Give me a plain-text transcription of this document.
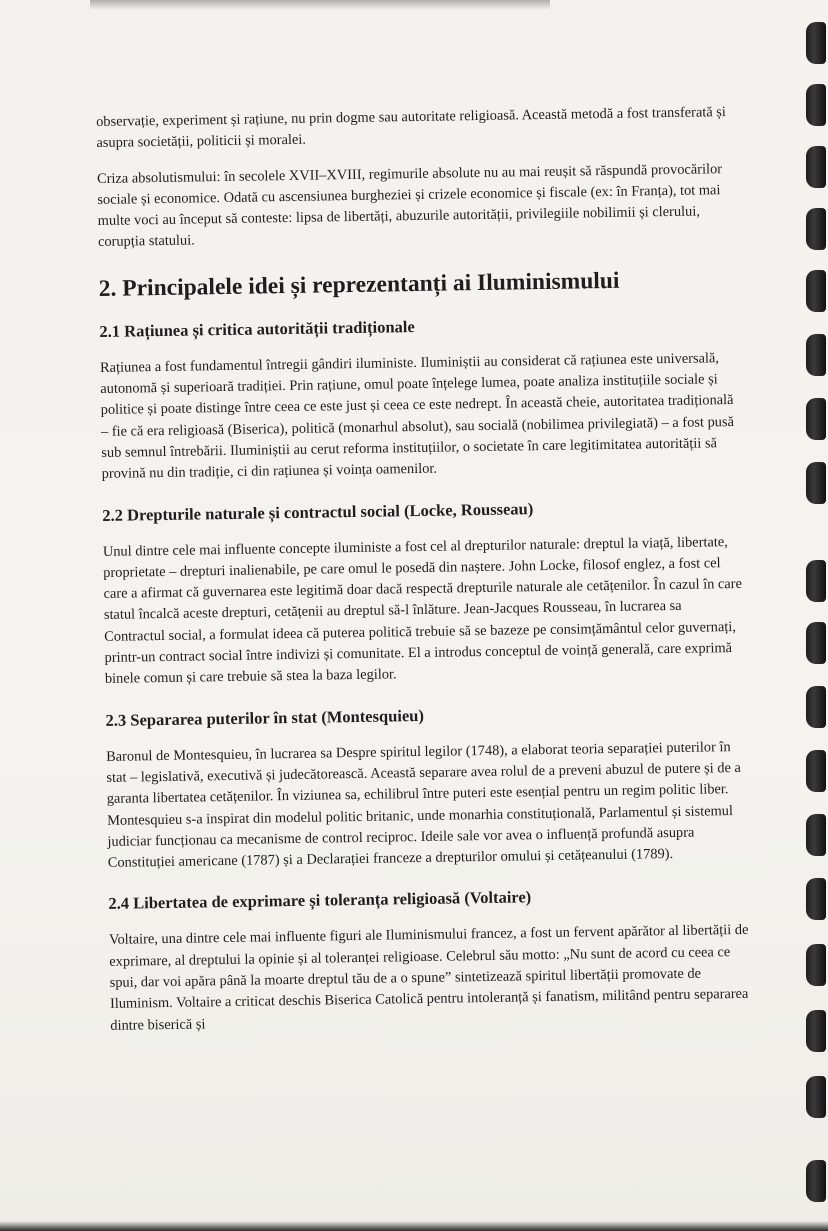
observație, experiment și rațiune, nu prin dogme sau autoritate religioasă. Această metodă a fost transferată și asupra societății, politicii și moralei.

Criza absolutismului: în secolele XVII–XVIII, regimurile absolute nu au mai reușit să răspundă provocărilor sociale și economice. Odată cu ascensiunea burgheziei și crizele economice și fiscale (ex: în Franța), tot mai multe voci au început să conteste: lipsa de libertăți, abuzurile autorității, privilegiile nobilimii și clerului, corupția statului.

2. Principalele idei și reprezentanți ai Iluminismului
2.1 Rațiunea și critica autorității tradiționale

Rațiunea a fost fundamentul întregii gândiri iluministe. Iluminiștii au considerat că rațiunea este universală, autonomă și superioară tradiției. Prin rațiune, omul poate înțelege lumea, poate analiza instituțiile sociale și politice și poate distinge între ceea ce este just și ceea ce este nedrept. În această cheie, autoritatea tradițională – fie că era religioasă (Biserica), politică (monarhul absolut), sau socială (nobilimea privilegiată) – a fost pusă sub semnul întrebării. Iluminiștii au cerut reforma instituțiilor, o societate în care legitimitatea autorității să provină nu din tradiție, ci din rațiunea și voința oamenilor.

2.2 Drepturile naturale și contractul social (Locke, Rousseau)

Unul dintre cele mai influente concepte iluministe a fost cel al drepturilor naturale: dreptul la viață, libertate, proprietate – drepturi inalienabile, pe care omul le posedă din naștere. John Locke, filosof englez, a fost cel care a afirmat că guvernarea este legitimă doar dacă respectă drepturile naturale ale cetățenilor. În cazul în care statul încalcă aceste drepturi, cetățenii au dreptul să-l înlăture. Jean-Jacques Rousseau, în lucrarea sa Contractul social, a formulat ideea că puterea politică trebuie să se bazeze pe consimțământul celor guvernați, printr-un contract social între indivizi și comunitate. El a introdus conceptul de voință generală, care exprimă binele comun și care trebuie să stea la baza legilor.

2.3 Separarea puterilor în stat (Montesquieu)

Baronul de Montesquieu, în lucrarea sa Despre spiritul legilor (1748), a elaborat teoria separației puterilor în stat – legislativă, executivă și judecătorească. Această separare avea rolul de a preveni abuzul de putere și de a garanta libertatea cetățenilor. În viziunea sa, echilibrul între puteri este esențial pentru un regim politic liber. Montesquieu s-a inspirat din modelul politic britanic, unde monarhia constituțională, Parlamentul și sistemul judiciar funcționau ca mecanisme de control reciproc. Ideile sale vor avea o influență profundă asupra Constituției americane (1787) și a Declarației franceze a drepturilor omului și cetățeanului (1789).

2.4 Libertatea de exprimare și toleranța religioasă (Voltaire)

Voltaire, una dintre cele mai influente figuri ale Iluminismului francez, a fost un fervent apărător al libertății de exprimare, al dreptului la opinie și al toleranței religioase. Celebrul său motto: „Nu sunt de acord cu ceea ce spui, dar voi apăra până la moarte dreptul tău de a o spune” sintetizează spiritul libertății promovate de Iluminism. Voltaire a criticat deschis Biserica Catolică pentru intoleranță și fanatism, militând pentru separarea dintre biserică și
